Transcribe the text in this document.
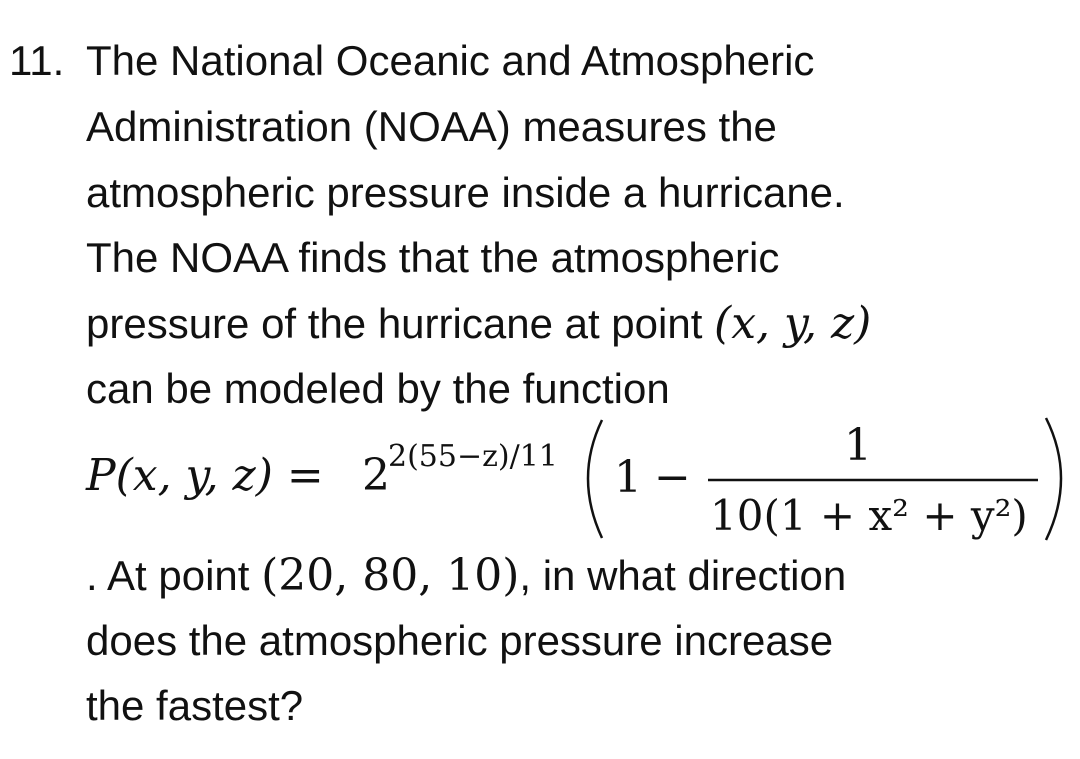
11. The National Oceanic and Atmospheric
Administration (NOAA) measures the
atmospheric pressure inside a hurricane.
The NOAA finds that the atmospheric
pressure of the hurricane at point (x, y, z)
can be modeled by the function
P(x, y, z) = 2
2(55−z)/11 1 −
1
10(1 + x² + y²)
. At point (20, 80, 10), in what direction
does the atmospheric pressure increase
the fastest?
